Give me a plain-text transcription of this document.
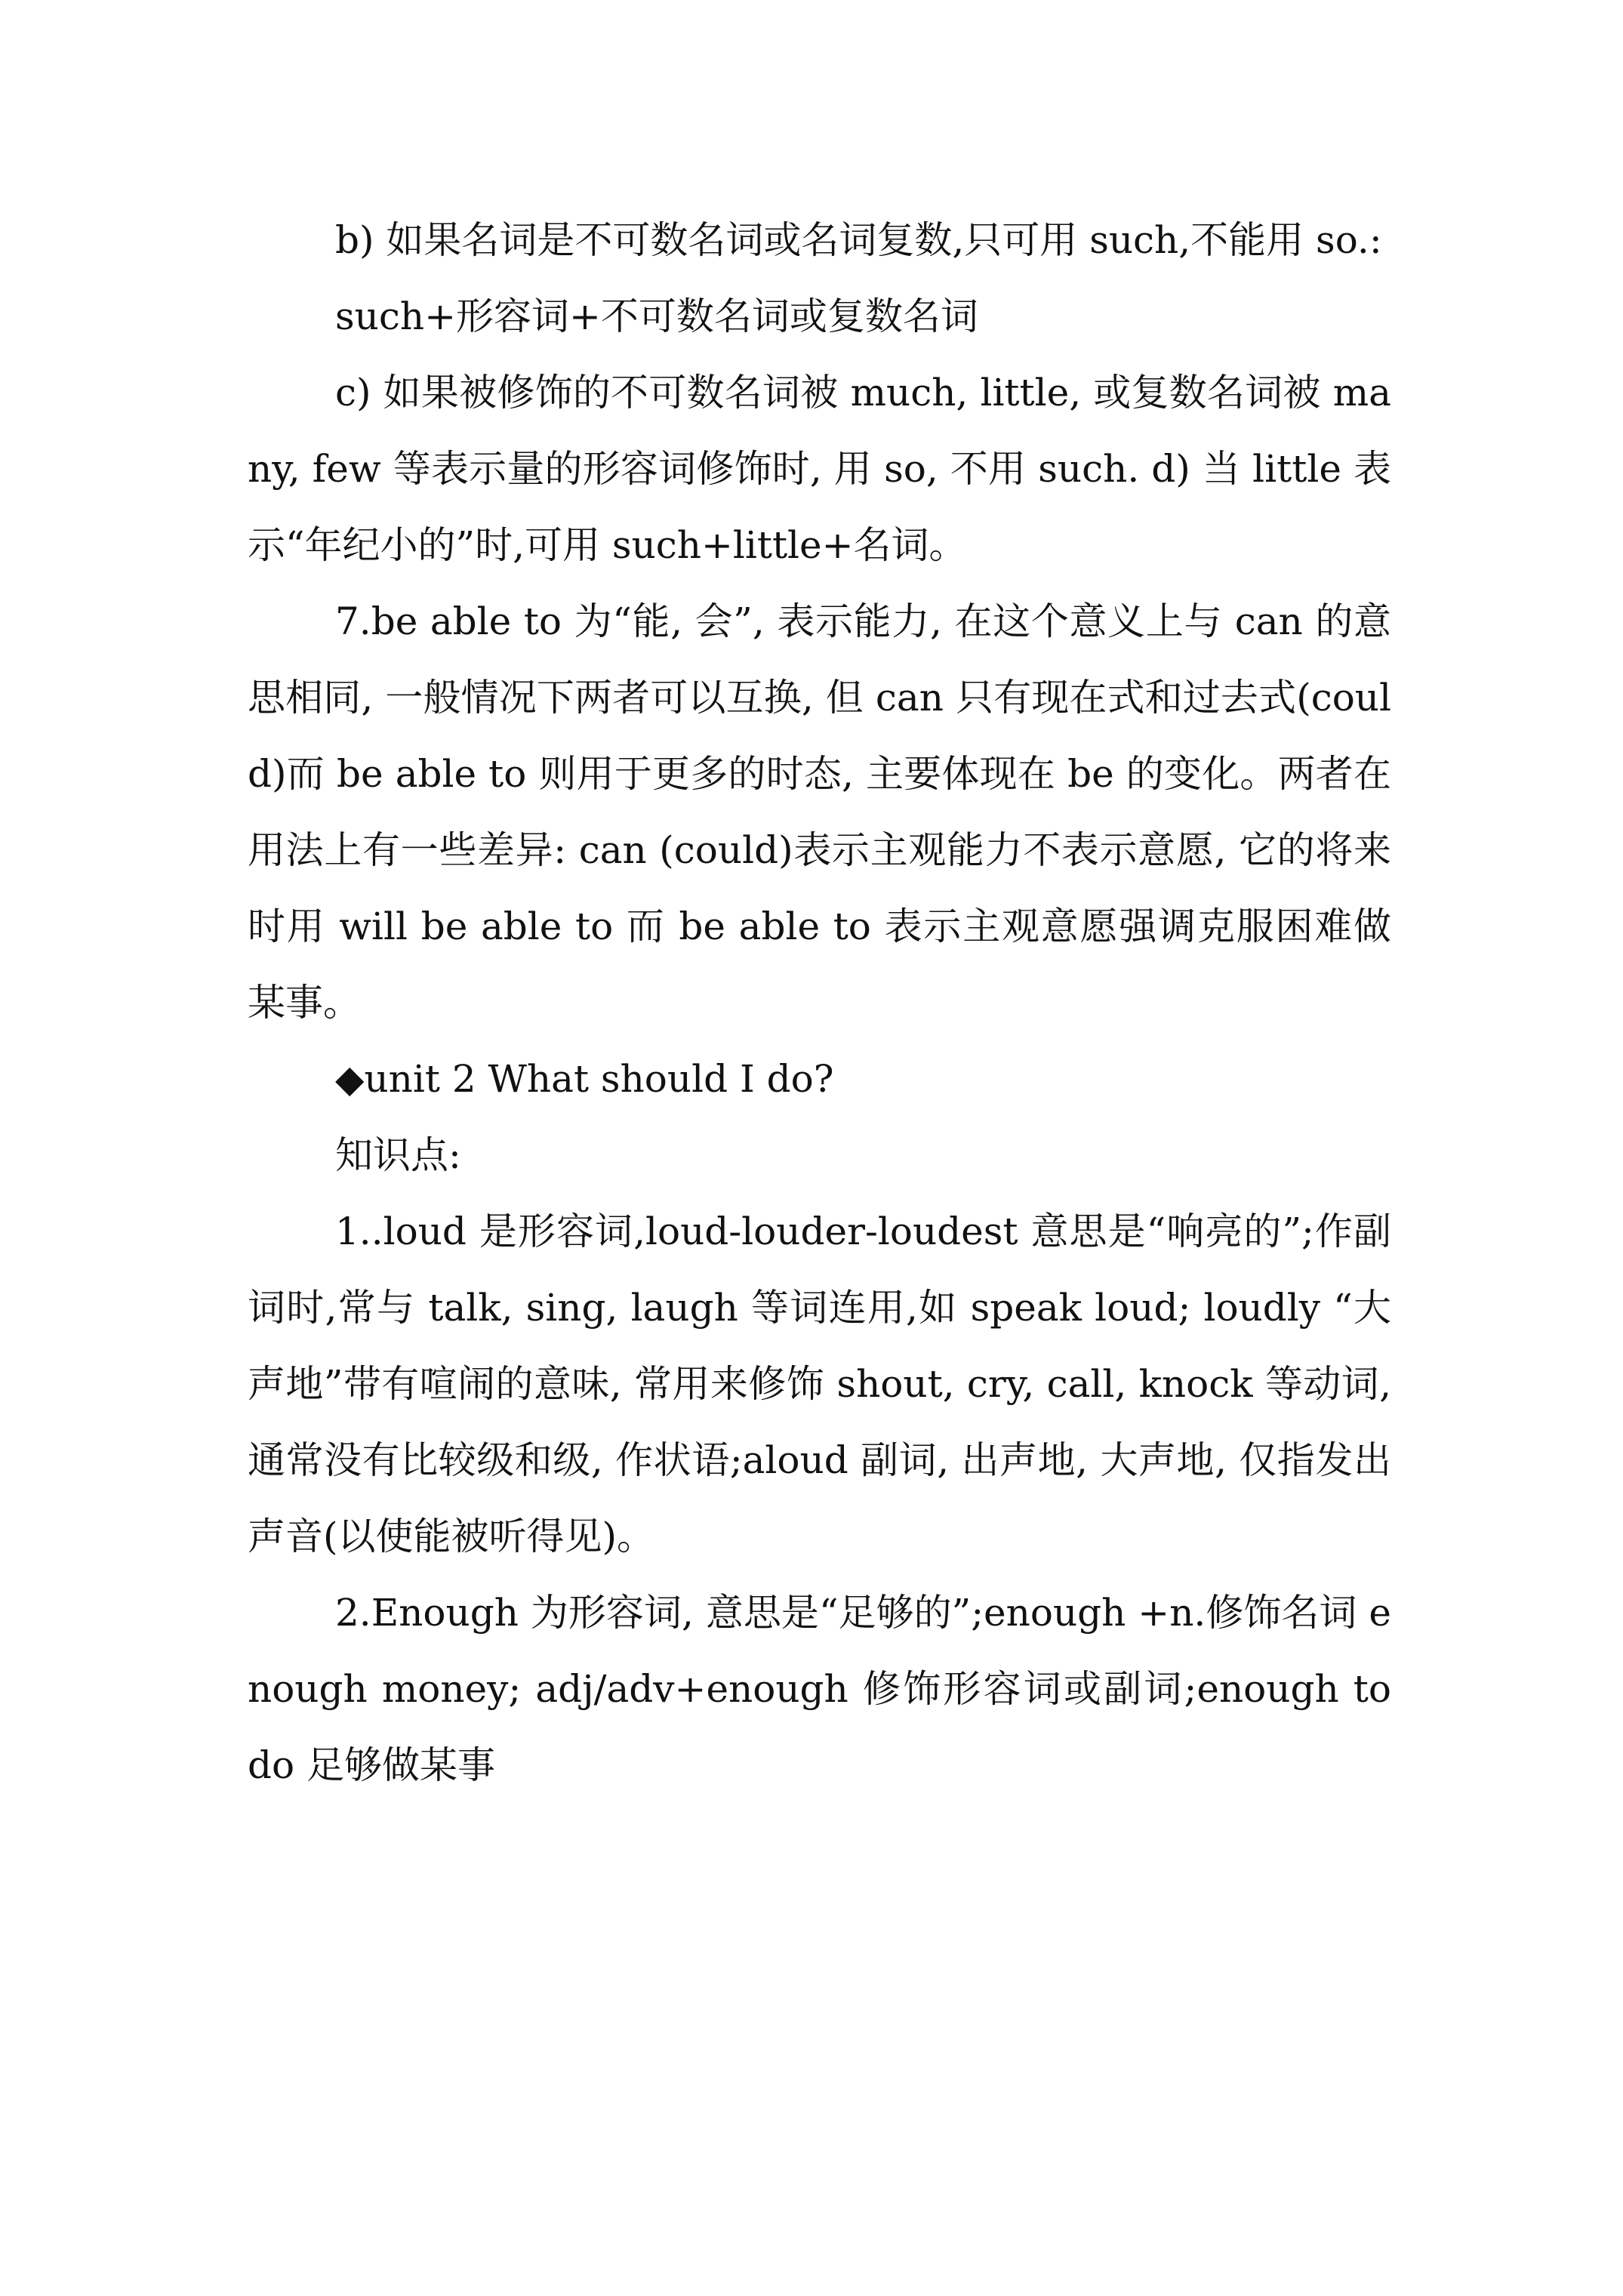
b) 如果名词是不可数名词或名词复数,只可用 such,不能用 so.:

such+形容词+不可数名词或复数名词

c) 如果被修饰的不可数名词被 much, little, 或复数名词被 many, few 等表示量的形容词修饰时, 用 so, 不用 such. d) 当 little 表示“年纪小的”时,可用 such+little+名词。

7.be able to 为“能, 会”, 表示能力, 在这个意义上与 can 的意思相同, 一般情况下两者可以互换, 但 can 只有现在式和过去式(could)而 be able to 则用于更多的时态, 主要体现在 be 的变化。两者在用法上有一些差异: can (could)表示主观能力不表示意愿, 它的将来时用 will be able to 而 be able to 表示主观意愿强调克服困难做某事。

◆unit 2 What should I do?

知识点:

1..loud 是形容词,loud-louder-loudest 意思是“响亮的”;作副词时,常与 talk, sing, laugh 等词连用,如 speak loud; loudly “大声地”带有喧闹的意味, 常用来修饰 shout, cry, call, knock 等动词, 通常没有比较级和级, 作状语;aloud 副词, 出声地, 大声地, 仅指发出声音(以使能被听得见)。

2.Enough 为形容词, 意思是“足够的”;enough +n.修饰名词 enough money; adj/adv+enough 修饰形容词或副词;enough to do 足够做某事
